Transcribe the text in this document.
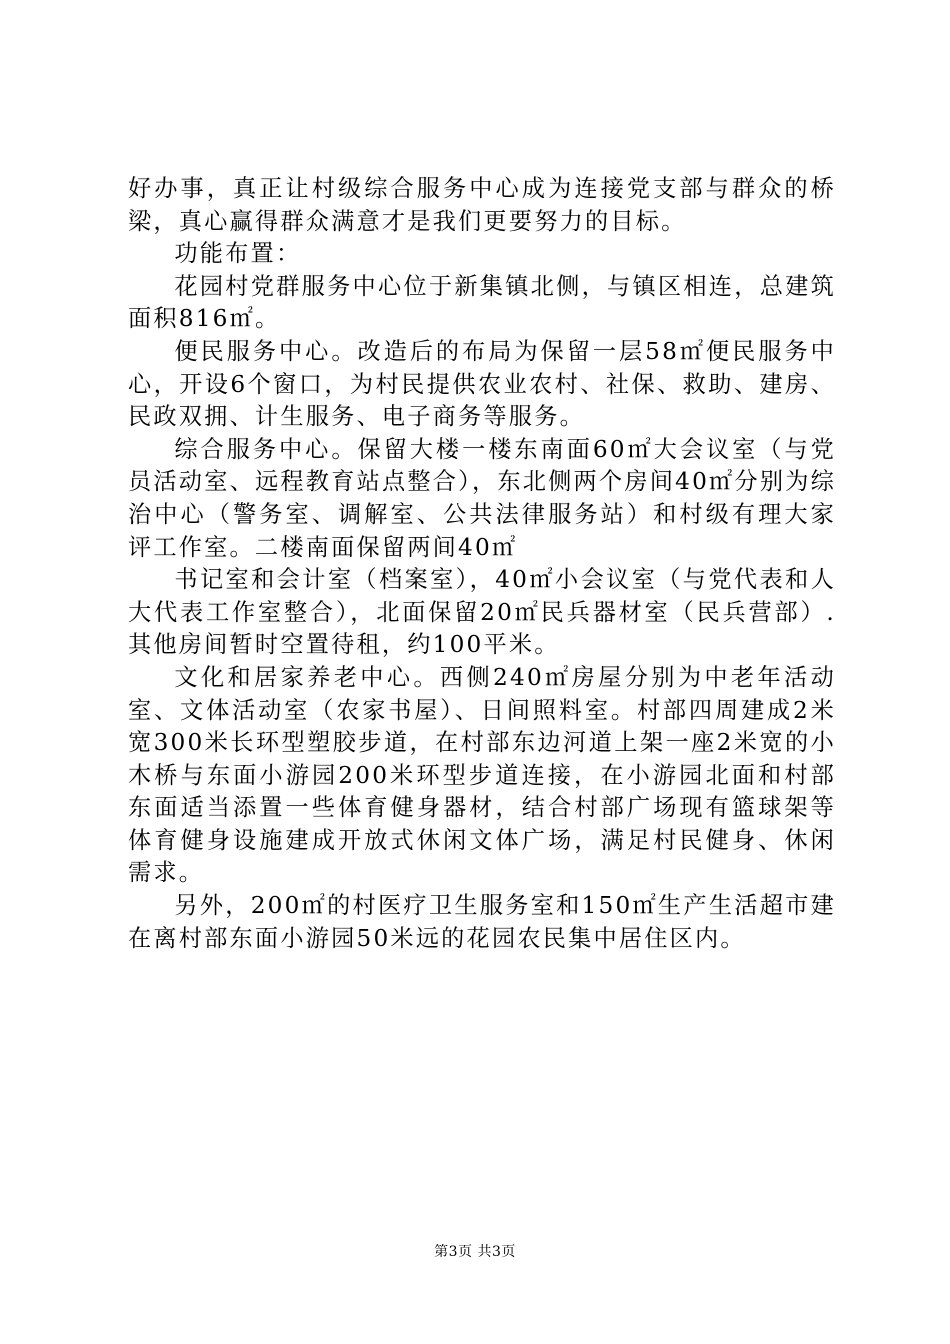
好办事，真正让村级综合服务中心成为连接党支部与群众的桥梁，真心赢得群众满意才是我们更要努力的目标。

功能布置：

花园村党群服务中心位于新集镇北侧，与镇区相连，总建筑面积816㎡。

便民服务中心。改造后的布局为保留一层58㎡便民服务中心，开设6个窗口，为村民提供农业农村、社保、救助、建房、民政双拥、计生服务、电子商务等服务。

综合服务中心。保留大楼一楼东南面60㎡大会议室（与党员活动室、远程教育站点整合），东北侧两个房间40㎡分别为综治中心（警务室、调解室、公共法律服务站）和村级有理大家评工作室。二楼南面保留两间40㎡

书记室和会计室（档案室），40㎡小会议室（与党代表和人大代表工作室整合），北面保留20㎡民兵器材室（民兵营部）.其他房间暂时空置待租，约100平米。

文化和居家养老中心。西侧240㎡房屋分别为中老年活动室、文体活动室（农家书屋）、日间照料室。村部四周建成2米宽300米长环型塑胶步道，在村部东边河道上架一座2米宽的小木桥与东面小游园200米环型步道连接，在小游园北面和村部东面适当添置一些体育健身器材，结合村部广场现有篮球架等体育健身设施建成开放式休闲文体广场，满足村民健身、休闲需求。

另外，200㎡的村医疗卫生服务室和150㎡生产生活超市建在离村部东面小游园50米远的花园农民集中居住区内。

第3页 共3页
